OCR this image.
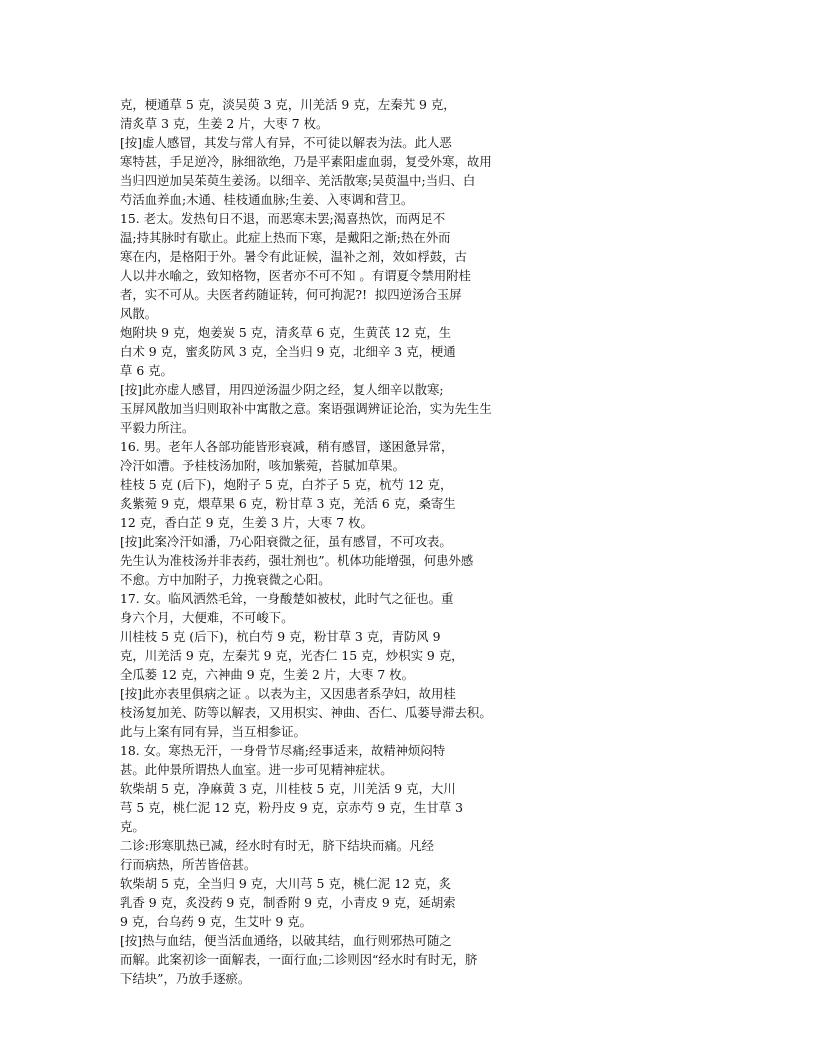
克，梗通草 5 克，淡吴萸 3 克，川羌活 9 克，左秦艽 9 克，
清炙草 3 克，生姜 2 片，大枣 7 枚。
[按]虚人感冒，其发与常人有异，不可徒以解表为法。此人恶
寒特甚，手足逆冷，脉细欲绝，乃是平素阳虚血弱，复受外寒，故用
当归四逆加吴茱萸生姜汤。以细辛、羌活散寒;吴萸温中;当归、白
芍活血养血;木通、桂枝通血脉;生姜、入枣调和营卫。
15. 老太。发热旬日不退，而恶寒未罢;渴喜热饮，而两足不
温;持其脉时有歇止。此症上热而下寒，是戴阳之渐;热在外而
寒在内，是格阳于外。暑令有此证候，温补之剂，效如桴鼓，古
人以井水喻之，致知格物，医者亦不可不知 。有谓夏令禁用附桂
者，实不可从。夫医者药随证转，何可拘泥?!  拟四逆汤合玉屏
风散。
炮附块 9 克，炮姜炭 5 克，清炙草 6 克，生黄芪 12 克，生
白术 9 克，蜜炙防风 3 克，全当归 9 克，北细辛 3 克，梗通
草 6 克。
[按]此亦虚人感冒，用四逆汤温少阴之经，复人细辛以散寒;
玉屏风散加当归则取补中寓散之意。案语强调辨证论治，实为先生生
平毅力所注。
16. 男。老年人各部功能皆形衰减，稍有感冒，遂困惫异常，
冷汗如漕。予桂枝汤加附，咳加紫菀，苔腻加草果。
桂枝 5 克 (后下)，炮附子 5 克，白芥子 5 克，杭芍 12 克，
炙紫菀 9 克，煨草果 6 克，粉甘草 3 克，羌活 6 克，桑寄生
12 克，香白芷 9 克，生姜 3 片，大枣 7 枚。
[按]此案冷汗如潘，乃心阳衰微之征，虽有感冒，不可攻表。
先生认为准枝汤并非表药，强壮剂也”。机体功能增强，何患外感
不愈。方中加附子，力挽衰微之心阳。
17. 女。临风洒然毛耸，一身酸楚如被杖，此时气之征也。重
身六个月，大便难，不可峻下。
川桂枝 5 克 (后下)，杭白芍 9 克，粉甘草 3 克，青防风 9
克，川羌活 9 克，左秦艽 9 克，光杏仁 15 克，炒枳实 9 克，
全瓜蒌 12 克，六神曲 9 克，生姜 2 片，大枣 7 枚。
[按]此亦表里俱病之证 。以表为主，又因患者系孕妇，故用桂
枝汤复加羌、防等以解表，又用枳实、神曲、否仁、瓜蒌导滞去积。
此与上案有同有异，当互相参证。
18. 女。寒热无汗，一身骨节尽痛;经事适来，故精神烦闷特
甚。此仲景所谓热人血室。进一步可见精神症状。
软柴胡 5 克，净麻黄 3 克，川桂枝 5 克，川羌活 9 克，大川
芎 5 克，桃仁泥 12 克，粉丹皮 9 克，京赤芍 9 克，生甘草 3
克。
二诊:形寒肌热已减，经水时有时无，脐下结块而痛。凡经
行而病热，所苦皆倍甚。
软柴胡 5 克，全当归 9 克，大川芎 5 克，桃仁泥 12 克，炙
乳香 9 克，炙没药 9 克，制香附 9 克，小青皮 9 克，延胡索
9 克，台乌药 9 克，生艾叶 9 克。
[按]热与血结，便当活血通络，以破其结，血行则邪热可随之
而解。此案初诊一面解表，一面行血;二诊则因“经水时有时无，脐
下结块”，乃放手逐瘀。
